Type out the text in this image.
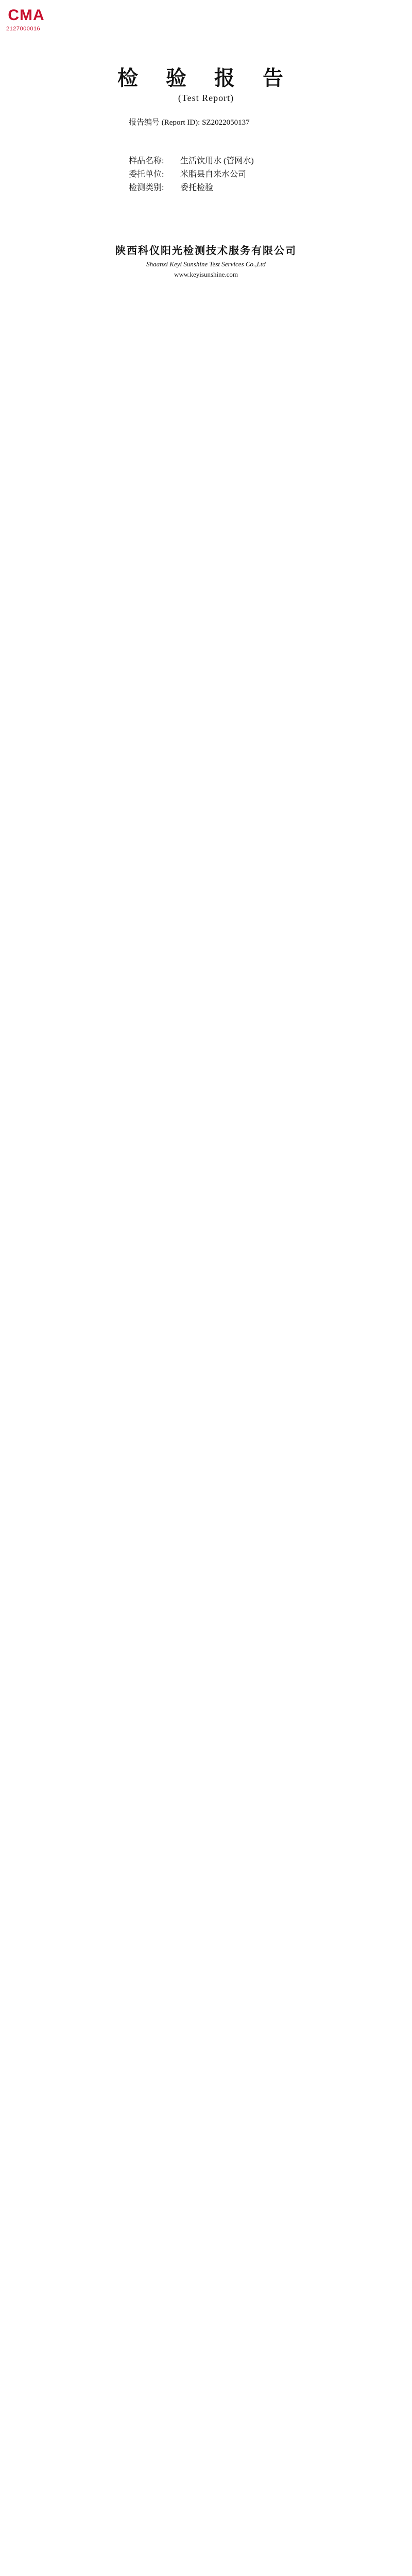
CMA
2127000016
检 验 报 告
(Test Report)
报告编号 (Report ID): SZ2022050137
样品名称:	生活饮用水 (管网水)
委托单位:	米脂县自来水公司
检测类别:	委托检验
陕西科仪阳光检测技术服务有限公司
Shaanxi Keyi Sunshine Test Services Co.,Ltd
www.keyisunshine.com
